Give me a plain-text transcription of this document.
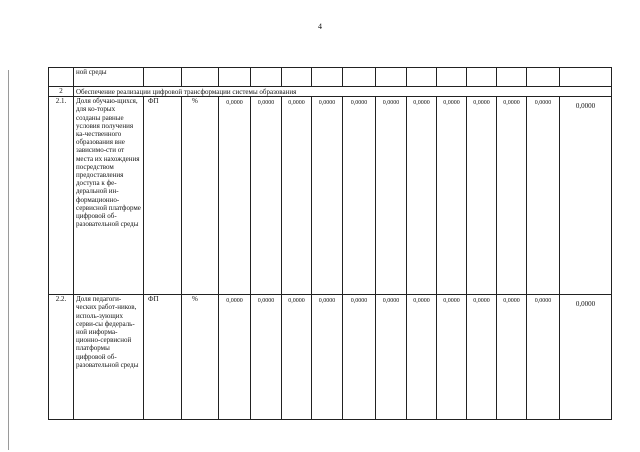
4
	ной среды														
2	Обеспечение реализации цифровой трансформации системы образования														
2.1.	Доля обучаю-щихся, для ко-торых созданы равные условия получения ка-чественного образования вне зависимо-сти от места их нахождения посредством предоставления доступа к фе-деральной ин-формационно-сервисной платформе цифровой об-разовательной среды	ФП	%	0,0000	0,0000	0,0000	0,0000	0,0000	0,0000	0,0000	0,0000	0,0000	0,0000	0,0000	0,0000
2.2.	Доля педагоги-ческих работ-ников, исполь-зующих серви-сы федераль-ной информа-ционно-сервисной платформы цифровой об-разовательной среды	ФП	%	0,0000	0,0000	0,0000	0,0000	0,0000	0,0000	0,0000	0,0000	0,0000	0,0000	0,0000	0,0000
